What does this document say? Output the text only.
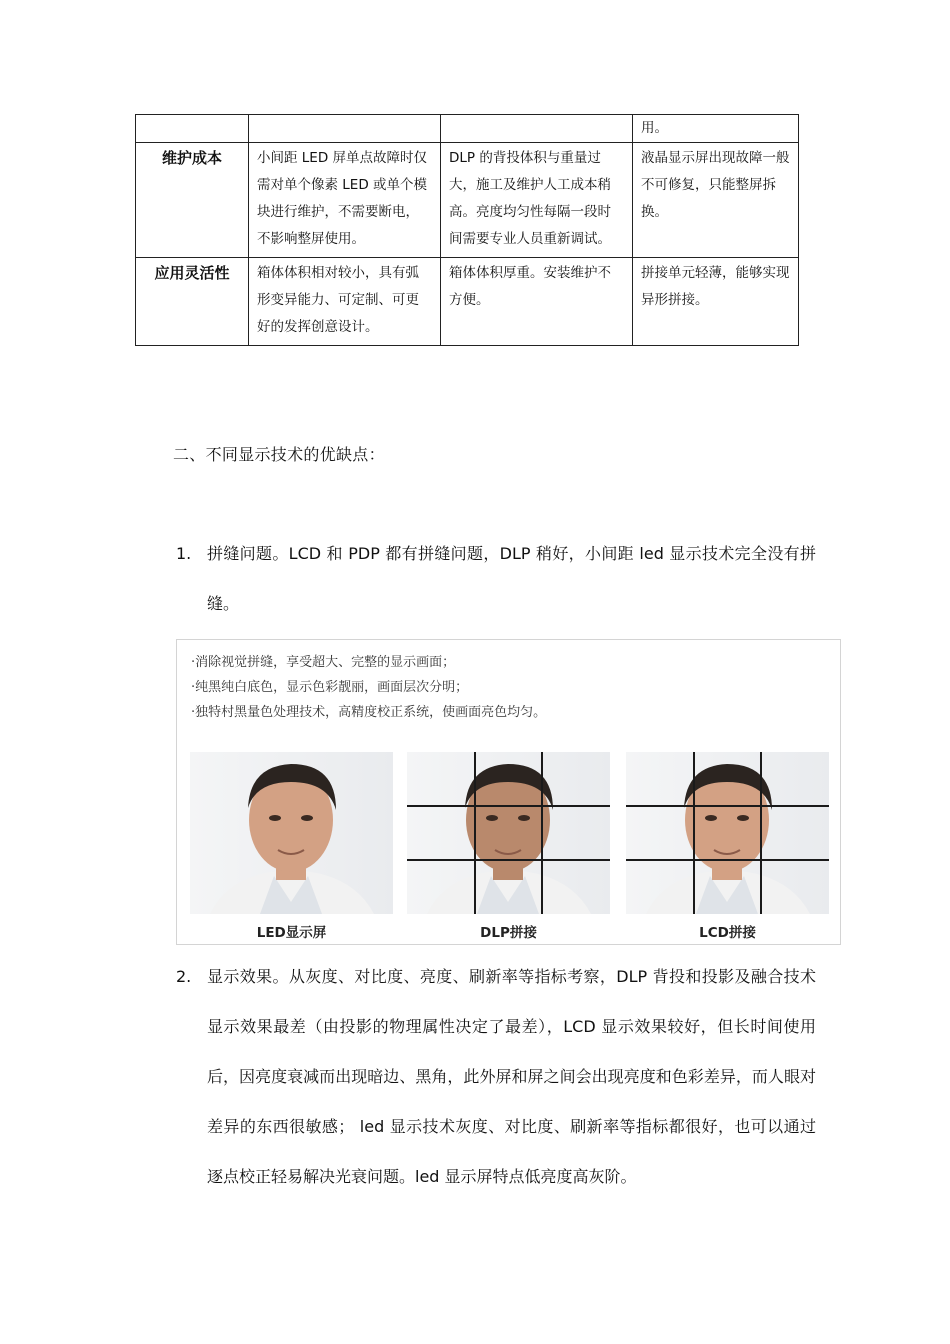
			用。
维护成本	小间距 LED 屏单点故障时仅需对单个像素 LED 或单个模块进行维护，不需要断电，不影响整屏使用。	DLP 的背投体积与重量过大，施工及维护人工成本稍高。亮度均匀性每隔一段时间需要专业人员重新调试。	液晶显示屏出现故障一般不可修复，只能整屏拆换。
应用灵活性	箱体体积相对较小，具有弧形变异能力、可定制、可更好的发挥创意设计。	箱体体积厚重。安装维护不方便。	拼接单元轻薄，能够实现异形拼接。
二、不同显示技术的优缺点：
1. 拼缝问题。LCD 和 PDP 都有拼缝问题，DLP 稍好，小间距 led 显示技术完全没有拼缝。
·消除视觉拼缝，享受超大、完整的显示画面；
·纯黑纯白底色，显示色彩靓丽，画面层次分明；
·独特村黑量色处理技术，高精度校正系统，使画面亮色均匀。
LED显示屏	DLP拼接	LCD拼接
2. 显示效果。从灰度、对比度、亮度、刷新率等指标考察，DLP 背投和投影及融合技术显示效果最差（由投影的物理属性决定了最差），LCD 显示效果较好，但长时间使用后，因亮度衰减而出现暗边、黑角，此外屏和屏之间会出现亮度和色彩差异，而人眼对差异的东西很敏感； led 显示技术灰度、对比度、刷新率等指标都很好，也可以通过逐点校正轻易解决光衰问题。led 显示屏特点低亮度高灰阶。
